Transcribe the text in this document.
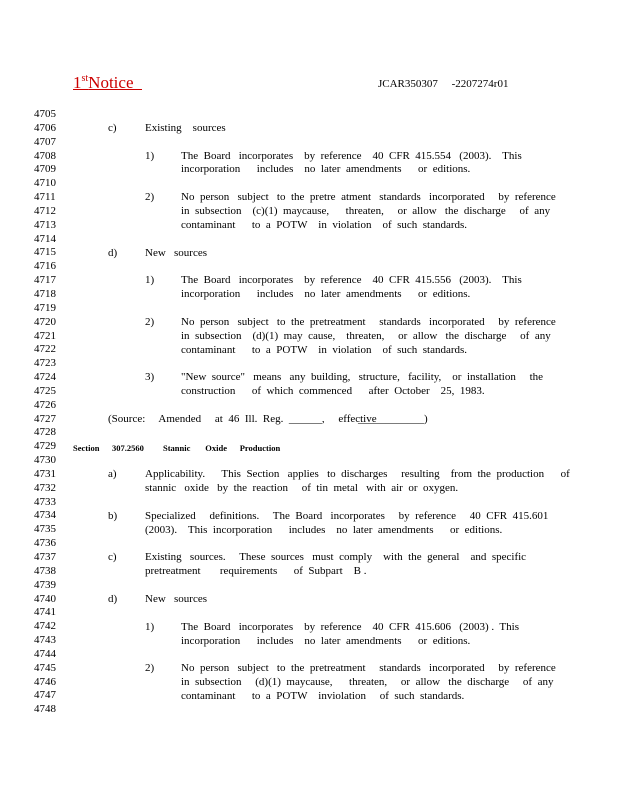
1stNotice	JCAR350307     -2207274r01
4705
4706
4707
4708
4709
4710
4711
4712
4713
4714
4715
4716
4717
4718
4719
4720
4721
4722
4723
4724
4725
4726
4727
4728
4729
4730
4731
4732
4733
4734
4735
4736
4737
4738
4739
4740
4741
4742
4743
4744
4745
4746
4747
4748
c)	Existing    sources
1) The  Board   incorporates    by  reference    40  CFR  415.554   (2003).    This
incorporation      includes    no  later  amendments      or  editions.
2) No  person   subject   to  the  pretre  atment   standards   incorporated     by  reference
in  subsection    (c)(1)  maycause,      threaten,     or  allow   the  discharge     of  any
contaminant      to  a  POTW    in  violation    of  such  standards.
d)	New   sources
1) The  Board   incorporates    by  reference    40  CFR  415.556   (2003).    This
incorporation      includes    no  later  amendments      or  editions.
2) No  person   subject   to  the  pretreatment     standards   incorporated     by  reference
in  subsection    (d)(1)  may  cause,    threaten,     or  allow   the  discharge     of  any
contaminant      to  a  POTW    in  violation    of  such  standards.
3) "New  source"   means   any  building,   structure,   facility,    or  installation     the
construction      of  which  commenced      after  October    25,  1983.
(Source:     Amended     at  46  Ill.  Reg.  ______,     effective
____________)
Section 307.2560 Stannic       Oxide      Production
a)	Applicability.      This  Section   applies   to  discharges     resulting    from  the  production      of
stannic   oxide   by  the  reaction     of  tin  metal   with  air  or  oxygen.
b)	Specialized     definitions.     The  Board   incorporates     by  reference     40  CFR  415.601
(2003).    This  incorporation      includes    no  later  amendments      or  editions.
c)	Existing   sources.     These  sources   must  comply    with  the  general    and  specific
pretreatment       requirements      of  Subpart    B .
d)	New   sources
1) The  Board   incorporates    by  reference    40  CFR  415.606   (2003) .  This
incorporation      includes    no  later  amendments      or  editions.
2) No  person   subject   to  the  pretreatment     standards   incorporated     by  reference
in  subsection     (d)(1)  maycause,      threaten,     or  allow   the  discharge     of  any
contaminant      to  a  POTW    inviolation     of  such  standards.
